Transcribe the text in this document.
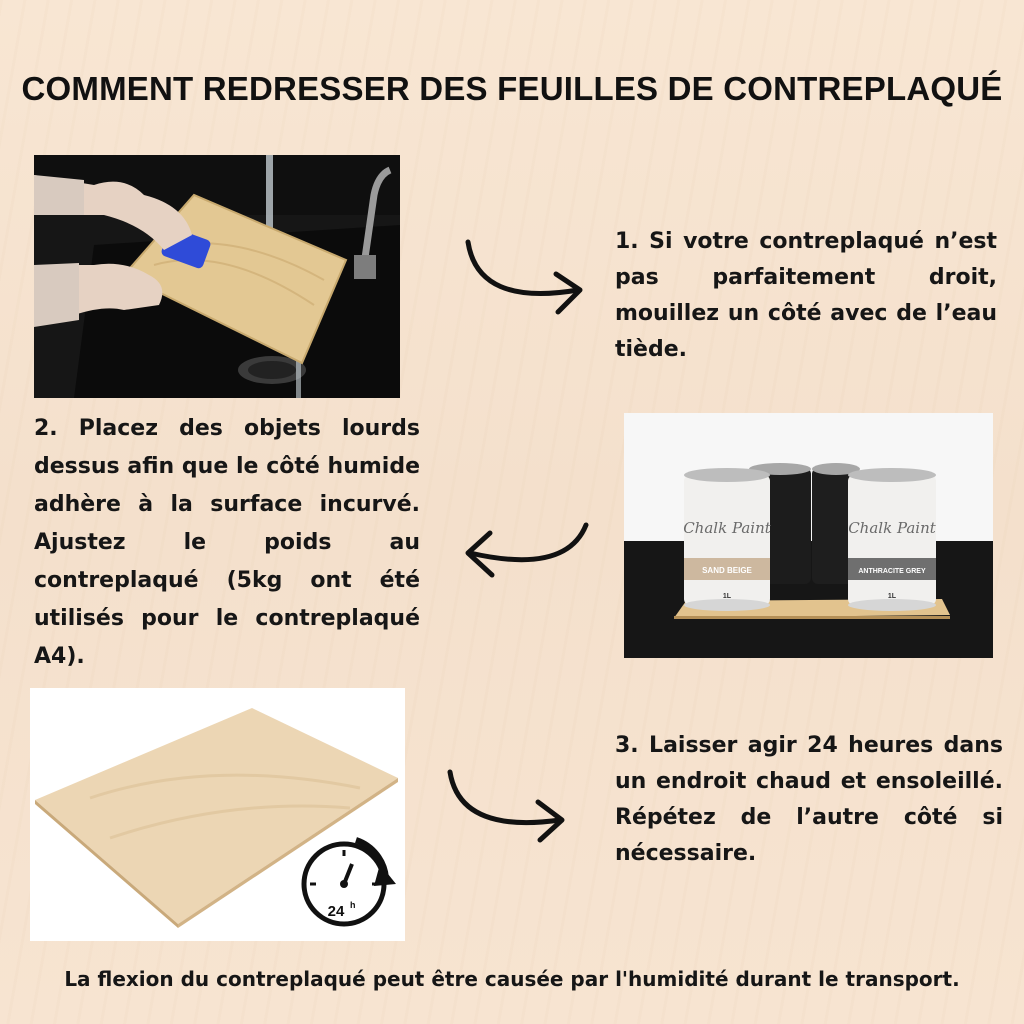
COMMENT REDRESSER DES FEUILLES DE CONTREPLAQUÉ
Chalk Paint
SAND BEIGE
1L
Chalk Paint
ANTHRACITE GREY
1L
24 h
1. Si votre contreplaqué n’est pas parfaitement droit, mouillez un côté avec de l’eau tiède.
2. Placez des objets lourds dessus afin que le côté humide adhère à la surface incurvé. Ajustez le poids au contreplaqué (5kg ont été utilisés pour le contreplaqué A4).
3. Laisser agir 24 heures dans un endroit chaud et ensoleillé. Répétez de l’autre côté si nécessaire.
La flexion du contreplaqué peut être causée par l'humidité durant le transport.
